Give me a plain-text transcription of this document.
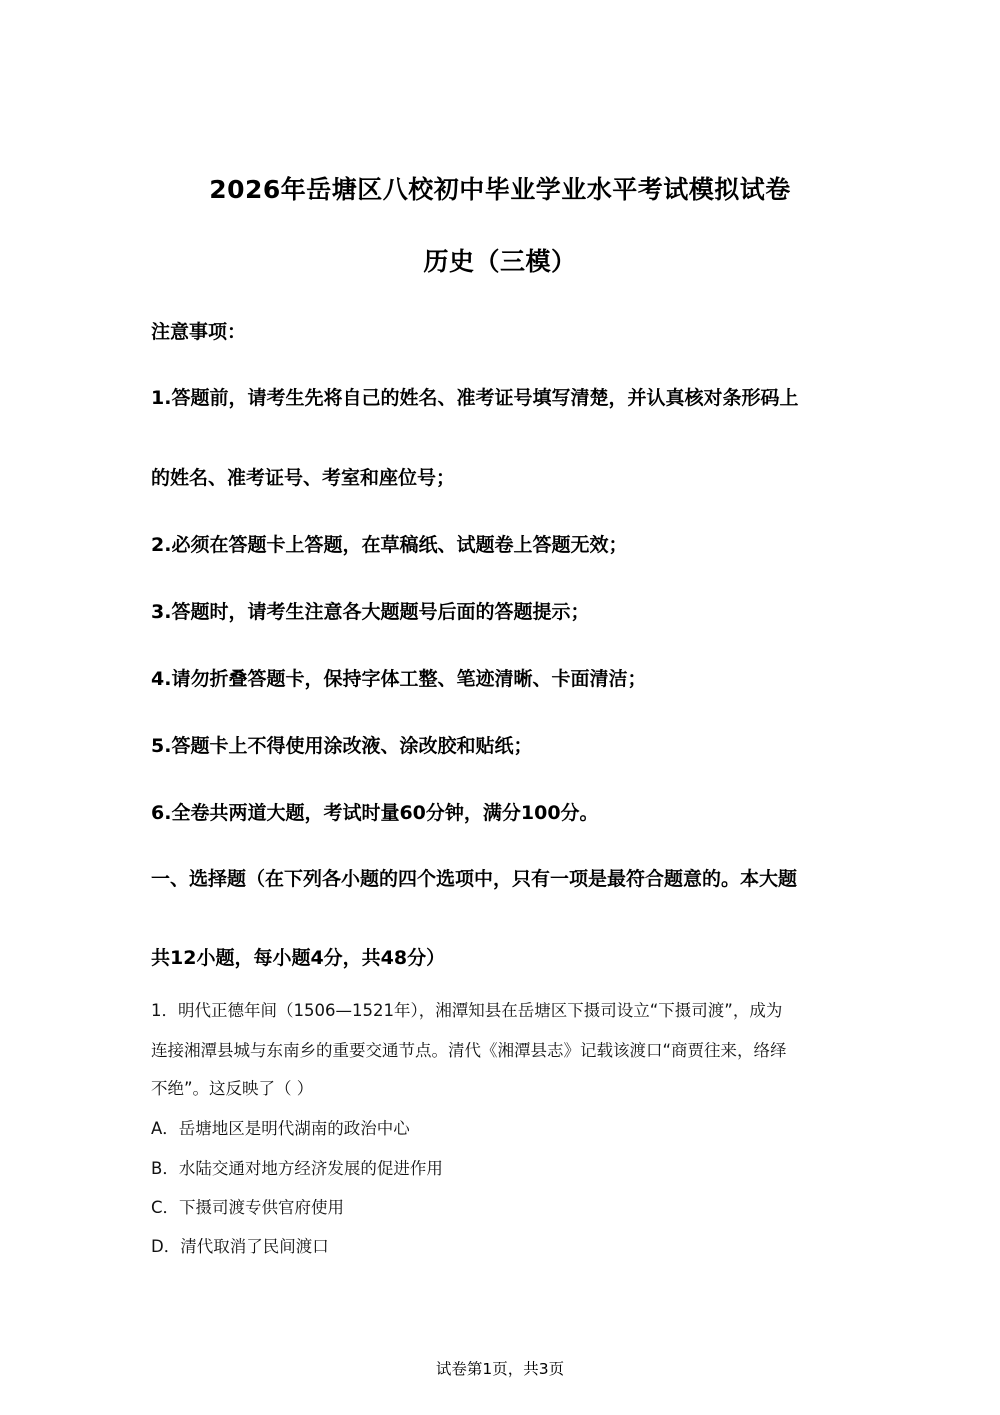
2026年岳塘区八校初中毕业学业水平考试模拟试卷
历史（三模）
注意事项：
1.答题前，请考生先将自己的姓名、准考证号填写清楚，并认真核对条形码上
的姓名、准考证号、考室和座位号；
2.必须在答题卡上答题，在草稿纸、试题卷上答题无效；
3.答题时，请考生注意各大题题号后面的答题提示；
4.请勿折叠答题卡，保持字体工整、笔迹清晰、卡面清洁；
5.答题卡上不得使用涂改液、涂改胶和贴纸；
6.全卷共两道大题，考试时量60分钟，满分100分。
一、选择题（在下列各小题的四个选项中，只有一项是最符合题意的。本大题
共12小题，每小题4分，共48分）
1．明代正德年间（1506—1521年），湘潭知县在岳塘区下摄司设立“下摄司渡”，成为
连接湘潭县城与东南乡的重要交通节点。清代《湘潭县志》记载该渡口“商贾往来，络绎
不绝”。这反映了（ ）
A．岳塘地区是明代湖南的政治中心
B．水陆交通对地方经济发展的促进作用
C．下摄司渡专供官府使用
D．清代取消了民间渡口
试卷第1页，共3页
